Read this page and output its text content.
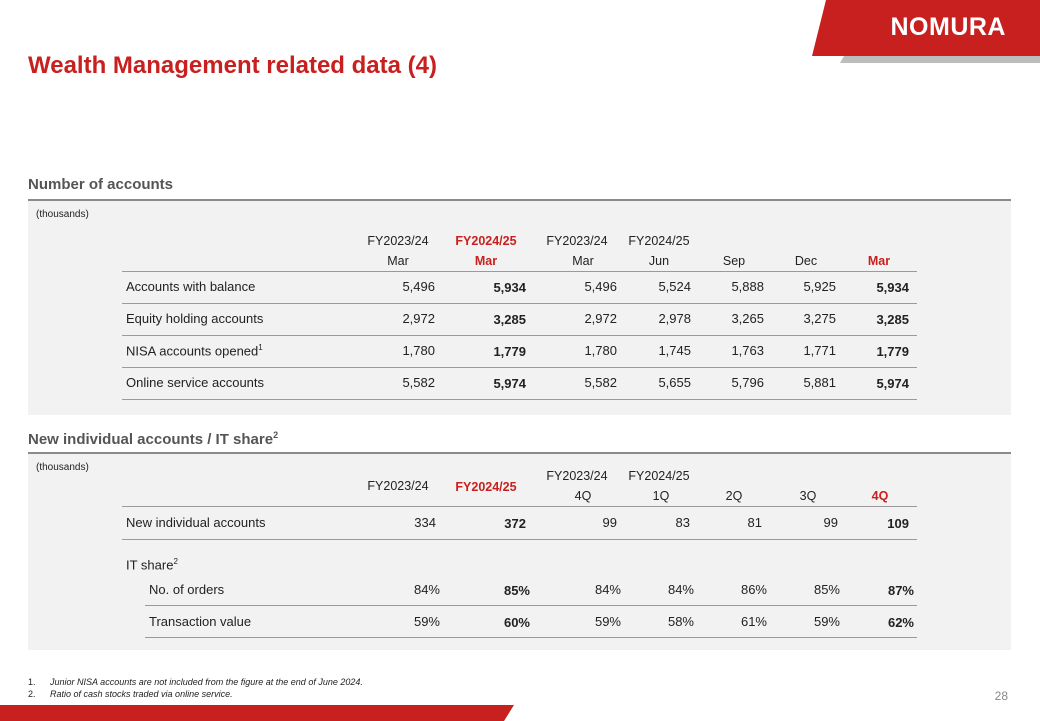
NOMURA
Wealth Management related data (4)
Number of accounts
(thousands)
FY2023/24	FY2024/25	FY2023/24	FY2024/25
Mar	Mar	Mar	Jun	Sep	Dec	Mar
Accounts with balance	5,496	5,934	5,496	5,524	5,888	5,925	5,934
Equity holding accounts	2,972	3,285	2,972	2,978	3,265	3,275	3,285
NISA accounts opened$^1$	1,780	1,779	1,780	1,745	1,763	1,771	1,779
Online service accounts	5,582	5,974	5,582	5,655	5,796	5,881	5,974
New individual accounts / IT share$^2$
(thousands)
FY2023/24	FY2024/25
FY2023/24	FY2024/25
4Q	1Q	2Q	3Q	4Q
New individual accounts	334	372	99	83	81	99	109
IT share$^2$
No. of orders	84%	85%	84%	84%	86%	85%	87%
Transaction value	59%	60%	59%	58%	61%	59%	62%
1.	Junior NISA accounts are not included from the figure at the end of June 2024.
2.	Ratio of cash stocks traded via online service.	28
